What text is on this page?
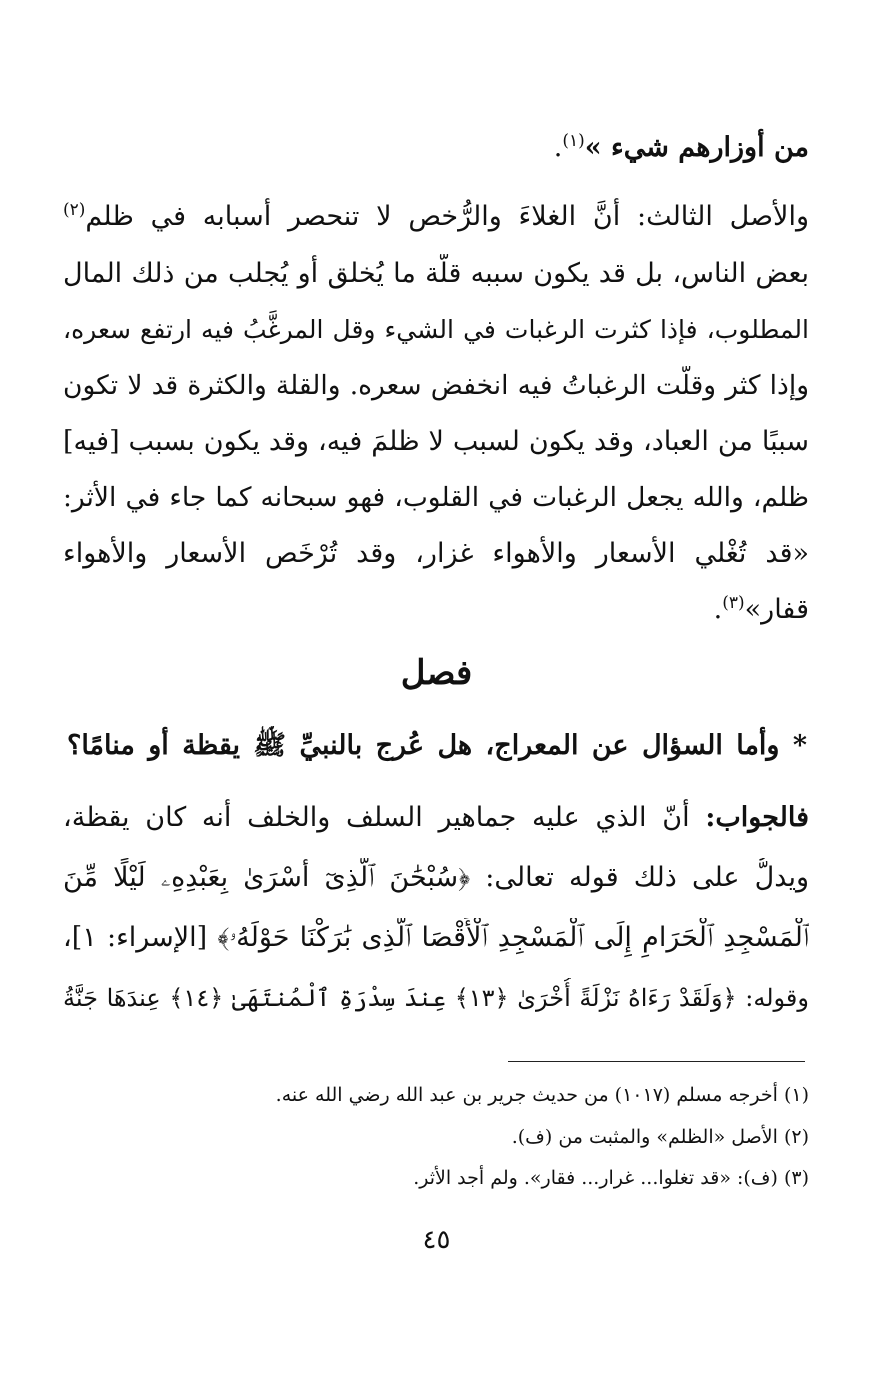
من أوزارهم شيء »$^{(١)}$.
والأصل الثالث: أنَّ الغلاءَ والرُّخص لا تنحصر أسبابه في ظلم$^{(٢)}$
بعض الناس، بل قد يكون سببه قلّة ما يُخلق أو يُجلب من ذلك المال
المطلوب، فإذا كثرت الرغبات في الشيء وقل المرغَّبُ فيه ارتفع سعره،
وإذا كثر وقلَّت الرغباتُ فيه انخفض سعره. والقلة والكثرة قد لا تكون
سببًا من العباد، وقد يكون لسبب لا ظلمَ فيه، وقد يكون بسبب [فيه]
ظلم، والله يجعل الرغبات في القلوب، فهو سبحانه كما جاء في الأثر:
«قد تُغْلي الأسعار والأهواء غزار، وقد تُرْخَص الأسعار والأهواء
قفار»$^{(٣)}$.
فصل
* وأما السؤال عن المعراج، هل عُرج بالنبيِّ ﷺ يقظة أو منامًا؟
فالجواب: أنّ الذي عليه جماهير السلف والخلف أنه كان يقظة،
ويدلُّ على ذلك قوله تعالى: ﴿سُبْحَٰنَ ٱلَّذِىٓ أَسْرَىٰ بِعَبْدِهِۦ لَيْلًا مِّنَ
ٱلْمَسْجِدِ ٱلْحَرَامِ إِلَى ٱلْمَسْجِدِ ٱلْأَقْصَا ٱلَّذِى بَٰرَكْنَا حَوْلَهُۥ﴾ [الإسراء: ١]،
وقوله: ﴿وَلَقَدْ رَءَاهُ نَزْلَةً أُخْرَىٰ ﴿١٣﴾ عِندَ سِدْرَةِ ٱلْمُنتَهَىٰ ﴿١٤﴾ عِندَهَا جَنَّةُ
(١) أخرجه مسلم (١٠١٧) من حديث جرير بن عبد الله رضي الله عنه.
(٢) الأصل «الظلم» والمثبت من (ف).
(٣) (ف): «قد تغلوا... غرار... فقار». ولم أجد الأثر.
٤٥
